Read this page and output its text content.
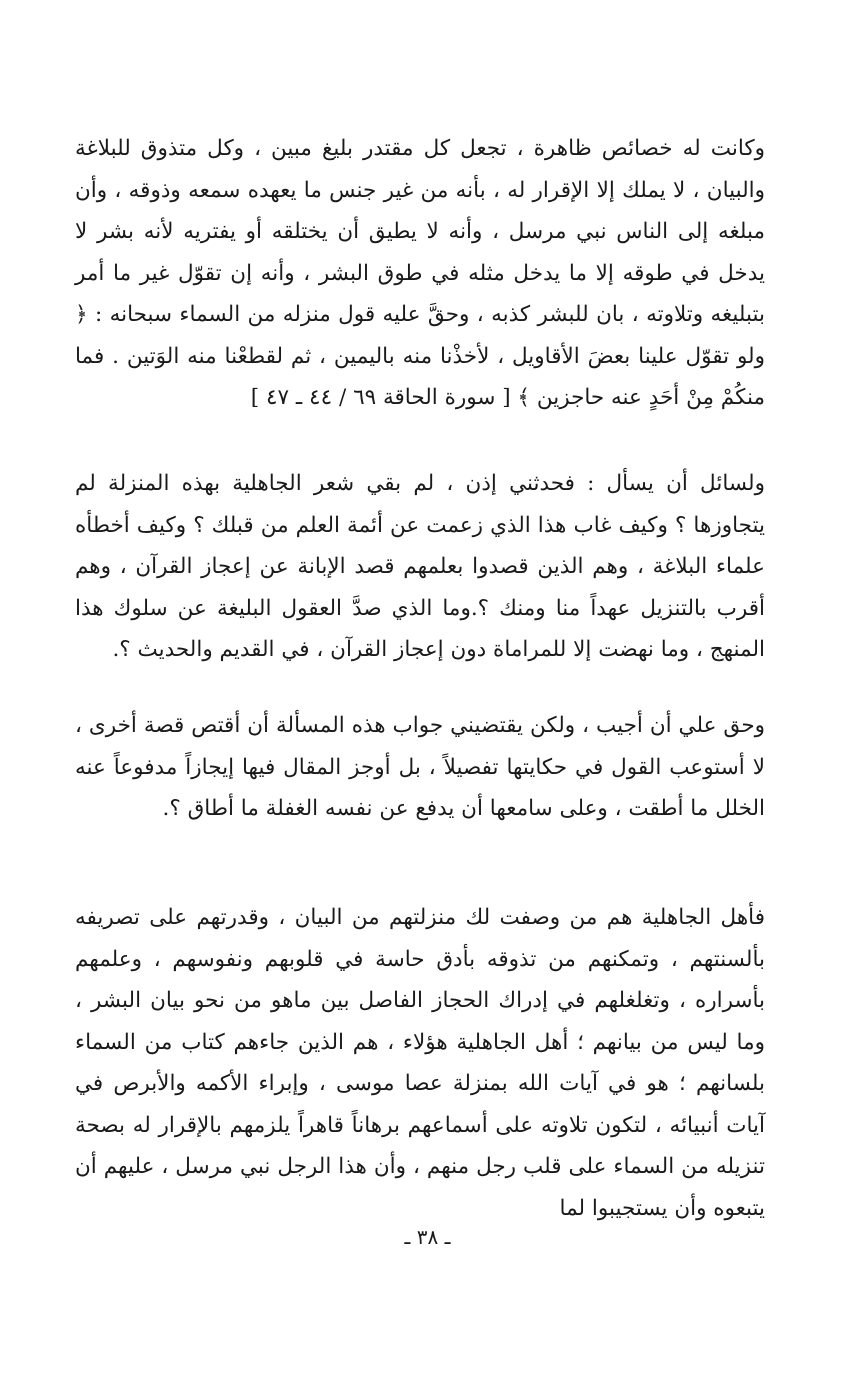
وكانت له خصائص ظاهرة ، تجعل كل مقتدر بليغ مبين ، وكل متذوق للبلاغة والبيان ، لا يملك إلا الإقرار له ، بأنه من غير جنس ما يعهده سمعه وذوقه ، وأن مبلغه إلى الناس نبي مرسل ، وأنه لا يطيق أن يختلقه أو يفتريه لأنه بشر لا يدخل في طوقه إلا ما يدخل مثله في طوق البشر ، وأنه إن تقوّل غير ما أمر بتبليغه وتلاوته ، بان للبشر كذبه ، وحقَّ عليه قول منزله من السماء سبحانه : ﴿ ولو تقوّل علينا بعضَ الأقاويل ، لأخذْنا منه باليمين ، ثم لقطعْنا منه الوَتين . فما منكُمْ مِنْ أحَدٍ عنه حاجزين ﴾ [ سورة الحاقة ٦٩ / ٤٤ ـ ٤٧ ]

ولسائل أن يسأل : فحدثني إذن ، لم بقي شعر الجاهلية بهذه المنزلة لم يتجاوزها ؟ وكيف غاب هذا الذي زعمت عن أئمة العلم من قبلك ؟ وكيف أخطأه علماء البلاغة ، وهم الذين قصدوا بعلمهم قصد الإبانة عن إعجاز القرآن ، وهم أقرب بالتنزيل عهداً منا ومنك ؟.وما الذي صدَّ العقول البليغة عن سلوك هذا المنهج ، وما نهضت إلا للمراماة دون إعجاز القرآن ، في القديم والحديث ؟.

وحق علي أن أجيب ، ولكن يقتضيني جواب هذه المسألة أن أقتص قصة أخرى ، لا أستوعب القول في حكايتها تفصيلاً ، بل أوجز المقال فيها إيجازاً مدفوعاً عنه الخلل ما أطقت ، وعلى سامعها أن يدفع عن نفسه الغفلة ما أطاق ؟.

فأهل الجاهلية هم من وصفت لك منزلتهم من البيان ، وقدرتهم على تصريفه بألسنتهم ، وتمكنهم من تذوقه بأدق حاسة في قلوبهم ونفوسهم ، وعلمهم بأسراره ، وتغلغلهم في إدراك الحجاز الفاصل بين ماهو من نحو بيان البشر ، وما ليس من بيانهم ؛ أهل الجاهلية هؤلاء ، هم الذين جاءهم كتاب من السماء بلسانهم ؛ هو في آيات الله بمنزلة عصا موسى ، وإبراء الأكمه والأبرص في آيات أنبيائه ، لتكون تلاوته على أسماعهم برهاناً قاهراً يلزمهم بالإقرار له بصحة تنزيله من السماء على قلب رجل منهم ، وأن هذا الرجل نبي مرسل ، عليهم أن يتبعوه وأن يستجيبوا لما

ـ ٣٨ ـ
